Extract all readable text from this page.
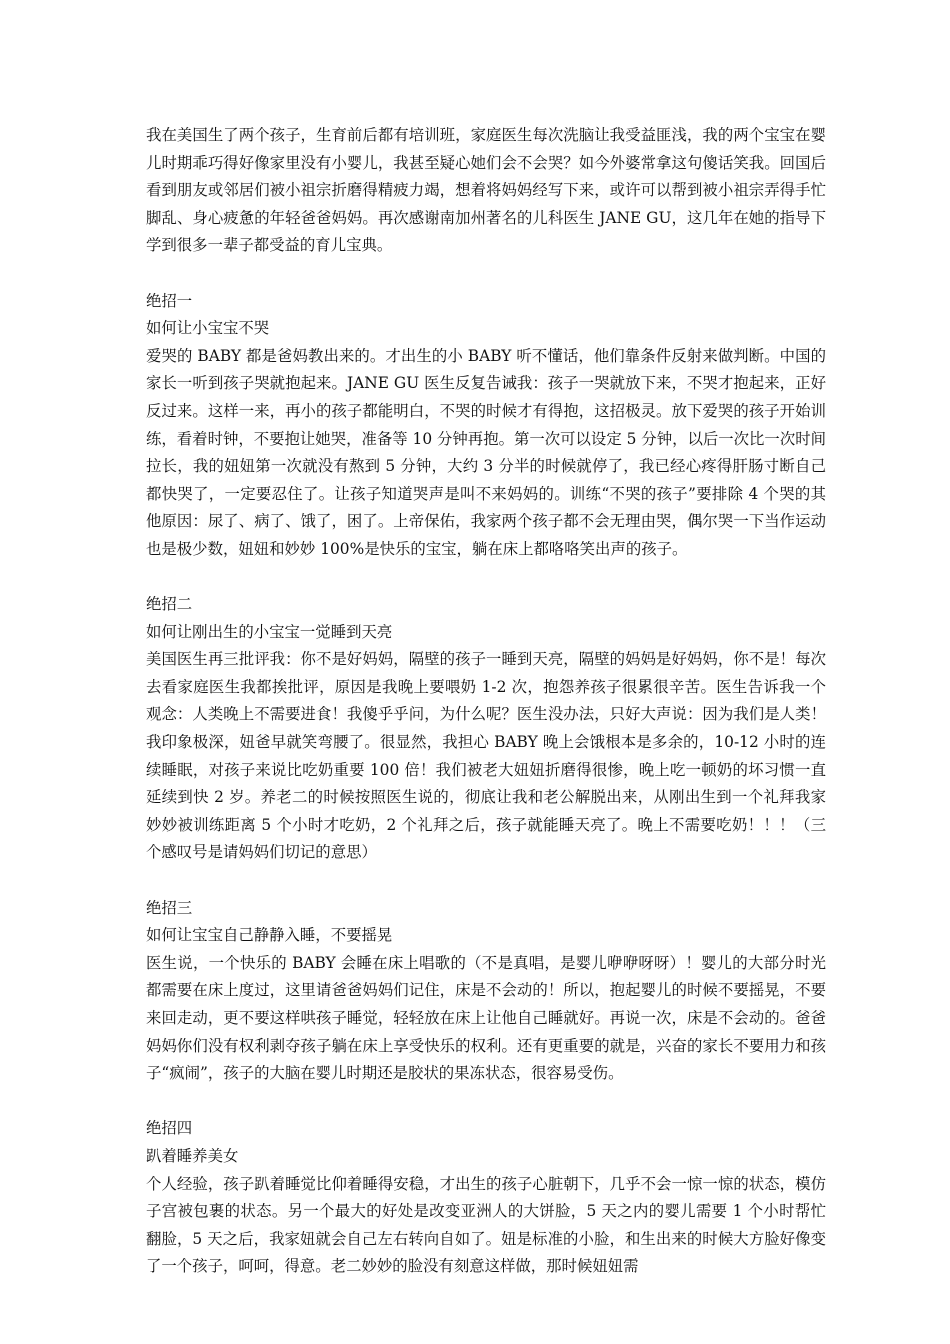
我在美国生了两个孩子，生育前后都有培训班，家庭医生每次洗脑让我受益匪浅，我的两个宝宝在婴儿时期乖巧得好像家里没有小婴儿，我甚至疑心她们会不会哭？如今外婆常拿这句傻话笑我。回国后看到朋友或邻居们被小祖宗折磨得精疲力竭，想着将妈妈经写下来，或许可以帮到被小祖宗弄得手忙脚乱、身心疲惫的年轻爸爸妈妈。再次感谢南加州著名的儿科医生 JANE GU，这几年在她的指导下学到很多一辈子都受益的育儿宝典。

绝招一
如何让小宝宝不哭

爱哭的 BABY 都是爸妈教出来的。才出生的小 BABY 听不懂话，他们靠条件反射来做判断。中国的家长一听到孩子哭就抱起来。JANE GU 医生反复告诫我：孩子一哭就放下来，不哭才抱起来，正好反过来。这样一来，再小的孩子都能明白，不哭的时候才有得抱，这招极灵。放下爱哭的孩子开始训练，看着时钟，不要抱让她哭，准备等 10 分钟再抱。第一次可以设定 5 分钟，以后一次比一次时间拉长，我的妞妞第一次就没有熬到 5 分钟，大约 3 分半的时候就停了，我已经心疼得肝肠寸断自己都快哭了，一定要忍住了。让孩子知道哭声是叫不来妈妈的。训练“不哭的孩子”要排除 4 个哭的其他原因：尿了、病了、饿了，困了。上帝保佑，我家两个孩子都不会无理由哭，偶尔哭一下当作运动也是极少数，妞妞和妙妙 100%是快乐的宝宝，躺在床上都咯咯笑出声的孩子。

绝招二
如何让刚出生的小宝宝一觉睡到天亮

美国医生再三批评我：你不是好妈妈，隔壁的孩子一睡到天亮，隔壁的妈妈是好妈妈，你不是！每次去看家庭医生我都挨批评，原因是我晚上要喂奶 1-2 次，抱怨养孩子很累很辛苦。医生告诉我一个观念：人类晚上不需要进食！我傻乎乎问，为什么呢？医生没办法，只好大声说：因为我们是人类！我印象极深，妞爸早就笑弯腰了。很显然，我担心 BABY 晚上会饿根本是多余的，10-12 小时的连续睡眠，对孩子来说比吃奶重要 100 倍！我们被老大妞妞折磨得很惨，晚上吃一顿奶的坏习惯一直延续到快 2 岁。养老二的时候按照医生说的，彻底让我和老公解脱出来，从刚出生到一个礼拜我家妙妙被训练距离 5 个小时才吃奶，2 个礼拜之后，孩子就能睡天亮了。晚上不需要吃奶！！！（三个感叹号是请妈妈们切记的意思）

绝招三
如何让宝宝自己静静入睡，不要摇晃

医生说，一个快乐的 BABY 会睡在床上唱歌的（不是真唱，是婴儿咿咿呀呀）！婴儿的大部分时光都需要在床上度过，这里请爸爸妈妈们记住，床是不会动的！所以，抱起婴儿的时候不要摇晃，不要来回走动，更不要这样哄孩子睡觉，轻轻放在床上让他自己睡就好。再说一次，床是不会动的。爸爸妈妈你们没有权利剥夺孩子躺在床上享受快乐的权利。还有更重要的就是，兴奋的家长不要用力和孩子“疯闹”，孩子的大脑在婴儿时期还是胶状的果冻状态，很容易受伤。

绝招四
趴着睡养美女

个人经验，孩子趴着睡觉比仰着睡得安稳，才出生的孩子心脏朝下，几乎不会一惊一惊的状态，模仿子宫被包裹的状态。另一个最大的好处是改变亚洲人的大饼脸，5 天之内的婴儿需要 1 个小时帮忙翻脸，5 天之后，我家妞就会自己左右转向自如了。妞是标准的小脸，和生出来的时候大方脸好像变了一个孩子，呵呵，得意。老二妙妙的脸没有刻意这样做，那时候妞妞需
